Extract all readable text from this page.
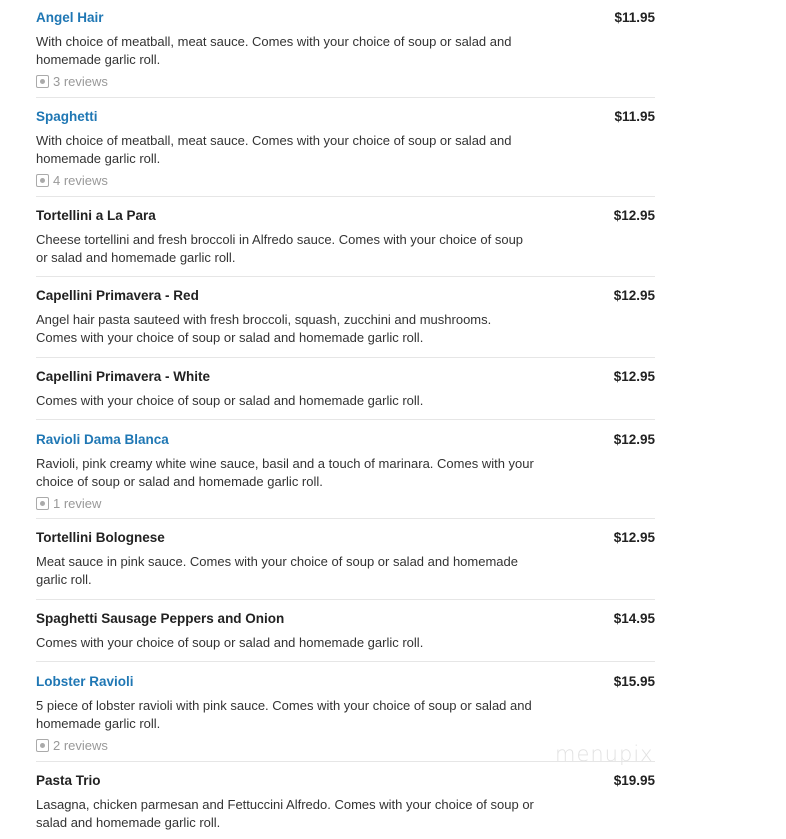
Angel Hair	$11.95

With choice of meatball, meat sauce. Comes with your choice of soup or salad and homemade garlic roll.

3 reviews
Spaghetti	$11.95

With choice of meatball, meat sauce. Comes with your choice of soup or salad and homemade garlic roll.

4 reviews
Tortellini a La Para	$12.95

Cheese tortellini and fresh broccoli in Alfredo sauce. Comes with your choice of soup or salad and homemade garlic roll.

Capellini Primavera - Red	$12.95

Angel hair pasta sauteed with fresh broccoli, squash, zucchini and mushrooms. Comes with your choice of soup or salad and homemade garlic roll.

Capellini Primavera - White	$12.95

Comes with your choice of soup or salad and homemade garlic roll.

Ravioli Dama Blanca	$12.95

Ravioli, pink creamy white wine sauce, basil and a touch of marinara. Comes with your choice of soup or salad and homemade garlic roll.

1 review
Tortellini Bolognese	$12.95

Meat sauce in pink sauce. Comes with your choice of soup or salad and homemade garlic roll.

Spaghetti Sausage Peppers and Onion	$14.95

Comes with your choice of soup or salad and homemade garlic roll.

Lobster Ravioli	$15.95

5 piece of lobster ravioli with pink sauce. Comes with your choice of soup or salad and homemade garlic roll.

2 reviews
Pasta Trio	$19.95

Lasagna, chicken parmesan and Fettuccini Alfredo. Comes with your choice of soup or salad and homemade garlic roll.

menupix
